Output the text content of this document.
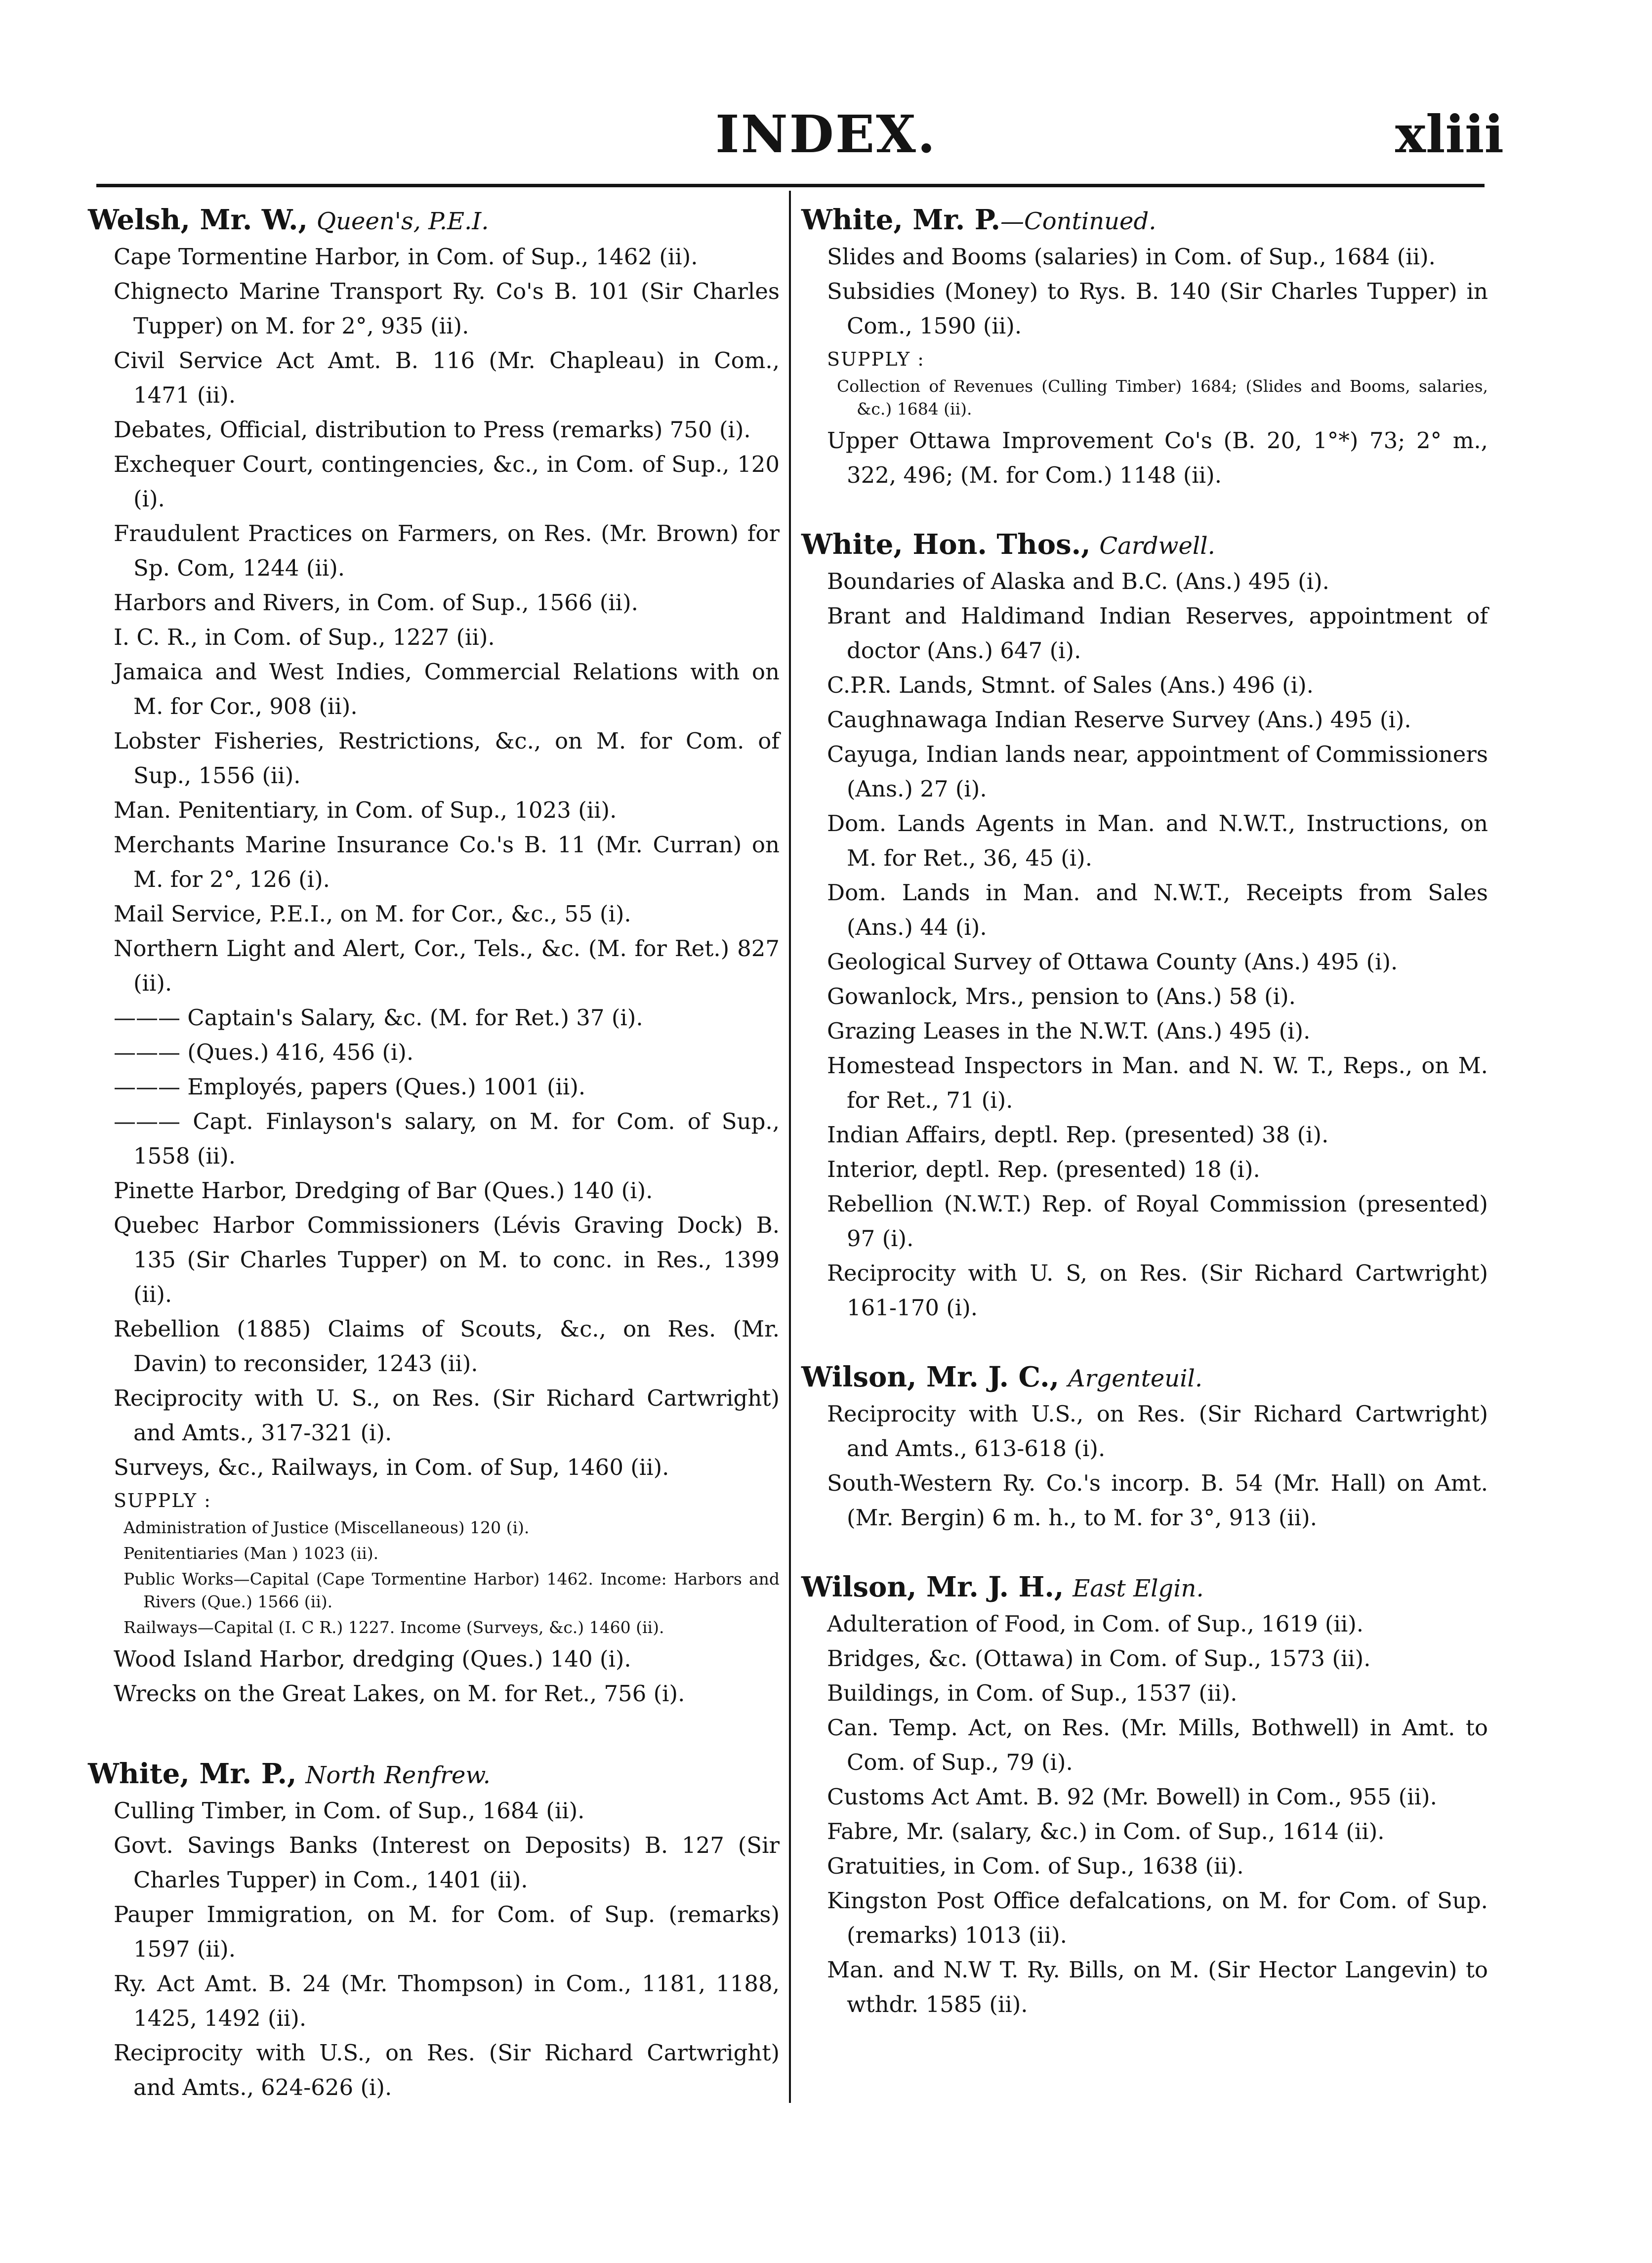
INDEX.	xliii
Welsh, Mr. W., Queen's, P.E.I.
Cape Tormentine Harbor, in Com. of Sup., 1462 (ii).
Chignecto Marine Transport Ry. Co's B. 101 (Sir Charles Tupper) on M. for 2°, 935 (ii).
Civil Service Act Amt. B. 116 (Mr. Chapleau) in Com., 1471 (ii).
Debates, Official, distribution to Press (remarks) 750 (i).
Exchequer Court, contingencies, &c., in Com. of Sup., 120 (i).
Fraudulent Practices on Farmers, on Res. (Mr. Brown) for Sp. Com, 1244 (ii).
Harbors and Rivers, in Com. of Sup., 1566 (ii).
I. C. R., in Com. of Sup., 1227 (ii).
Jamaica and West Indies, Commercial Relations with on M. for Cor., 908 (ii).
Lobster Fisheries, Restrictions, &c., on M. for Com. of Sup., 1556 (ii).
Man. Penitentiary, in Com. of Sup., 1023 (ii).
Merchants Marine Insurance Co.'s B. 11 (Mr. Curran) on M. for 2°, 126 (i).
Mail Service, P.E.I., on M. for Cor., &c., 55 (i).
Northern Light and Alert, Cor., Tels., &c. (M. for Ret.) 827 (ii).
——— Captain's Salary, &c. (M. for Ret.) 37 (i).
——— (Ques.) 416, 456 (i).
——— Employés, papers (Ques.) 1001 (ii).
——— Capt. Finlayson's salary, on M. for Com. of Sup., 1558 (ii).
Pinette Harbor, Dredging of Bar (Ques.) 140 (i).
Quebec Harbor Commissioners (Lévis Graving Dock) B. 135 (Sir Charles Tupper) on M. to conc. in Res., 1399 (ii).
Rebellion (1885) Claims of Scouts, &c., on Res. (Mr. Davin) to reconsider, 1243 (ii).
Reciprocity with U. S., on Res. (Sir Richard Cartwright) and Amts., 317-321 (i).
Surveys, &c., Railways, in Com. of Sup, 1460 (ii).
SUPPLY :
Administration of Justice (Miscellaneous) 120 (i).
Penitentiaries (Man ) 1023 (ii).
Public Works—Capital (Cape Tormentine Harbor) 1462. Income: Harbors and Rivers (Que.) 1566 (ii).
Railways—Capital (I. C R.) 1227. Income (Surveys, &c.) 1460 (ii).
Wood Island Harbor, dredging (Ques.) 140 (i).
Wrecks on the Great Lakes, on M. for Ret., 756 (i).
White, Mr. P., North Renfrew.
Culling Timber, in Com. of Sup., 1684 (ii).
Govt. Savings Banks (Interest on Deposits) B. 127 (Sir Charles Tupper) in Com., 1401 (ii).
Pauper Immigration, on M. for Com. of Sup. (remarks) 1597 (ii).
Ry. Act Amt. B. 24 (Mr. Thompson) in Com., 1181, 1188, 1425, 1492 (ii).
Reciprocity with U.S., on Res. (Sir Richard Cartwright) and Amts., 624-626 (i).
White, Mr. P.—Continued.
Slides and Booms (salaries) in Com. of Sup., 1684 (ii).
Subsidies (Money) to Rys. B. 140 (Sir Charles Tupper) in Com., 1590 (ii).
SUPPLY :
Collection of Revenues (Culling Timber) 1684; (Slides and Booms, salaries, &c.) 1684 (ii).
Upper Ottawa Improvement Co's (B. 20, 1°*) 73; 2° m., 322, 496; (M. for Com.) 1148 (ii).
White, Hon. Thos., Cardwell.
Boundaries of Alaska and B.C. (Ans.) 495 (i).
Brant and Haldimand Indian Reserves, appointment of doctor (Ans.) 647 (i).
C.P.R. Lands, Stmnt. of Sales (Ans.) 496 (i).
Caughnawaga Indian Reserve Survey (Ans.) 495 (i).
Cayuga, Indian lands near, appointment of Commissioners (Ans.) 27 (i).
Dom. Lands Agents in Man. and N.W.T., Instructions, on M. for Ret., 36, 45 (i).
Dom. Lands in Man. and N.W.T., Receipts from Sales (Ans.) 44 (i).
Geological Survey of Ottawa County (Ans.) 495 (i).
Gowanlock, Mrs., pension to (Ans.) 58 (i).
Grazing Leases in the N.W.T. (Ans.) 495 (i).
Homestead Inspectors in Man. and N. W. T., Reps., on M. for Ret., 71 (i).
Indian Affairs, deptl. Rep. (presented) 38 (i).
Interior, deptl. Rep. (presented) 18 (i).
Rebellion (N.W.T.) Rep. of Royal Commission (presented) 97 (i).
Reciprocity with U. S, on Res. (Sir Richard Cartwright) 161-170 (i).
Wilson, Mr. J. C., Argenteuil.
Reciprocity with U.S., on Res. (Sir Richard Cartwright) and Amts., 613-618 (i).
South-Western Ry. Co.'s incorp. B. 54 (Mr. Hall) on Amt. (Mr. Bergin) 6 m. h., to M. for 3°, 913 (ii).
Wilson, Mr. J. H., East Elgin.
Adulteration of Food, in Com. of Sup., 1619 (ii).
Bridges, &c. (Ottawa) in Com. of Sup., 1573 (ii).
Buildings, in Com. of Sup., 1537 (ii).
Can. Temp. Act, on Res. (Mr. Mills, Bothwell) in Amt. to Com. of Sup., 79 (i).
Customs Act Amt. B. 92 (Mr. Bowell) in Com., 955 (ii).
Fabre, Mr. (salary, &c.) in Com. of Sup., 1614 (ii).
Gratuities, in Com. of Sup., 1638 (ii).
Kingston Post Office defalcations, on M. for Com. of Sup. (remarks) 1013 (ii).
Man. and N.W T. Ry. Bills, on M. (Sir Hector Langevin) to wthdr. 1585 (ii).
